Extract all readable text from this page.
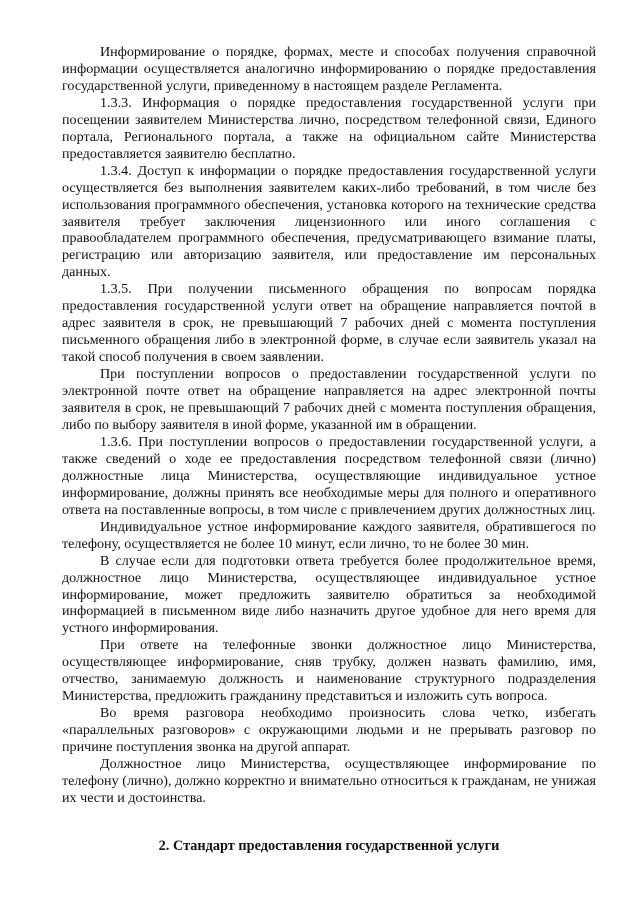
Информирование о порядке, формах, месте и способах получения справочной информации осуществляется аналогично информированию о порядке предоставления государственной услуги, приведенному в настоящем разделе Регламента.

1.3.3. Информация о порядке предоставления государственной услуги при посещении заявителем Министерства лично, посредством телефонной связи, Единого портала, Регионального портала, а также на официальном сайте Министерства предоставляется заявителю бесплатно.

1.3.4. Доступ к информации о порядке предоставления государственной услуги осуществляется без выполнения заявителем каких-либо требований, в том числе без использования программного обеспечения, установка которого на технические средства заявителя требует заключения лицензионного или иного соглашения с правообладателем программного обеспечения, предусматривающего взимание платы, регистрацию или авторизацию заявителя, или предоставление им персональных данных.

1.3.5. При получении письменного обращения по вопросам порядка предоставления государственной услуги ответ на обращение направляется почтой в адрес заявителя в срок, не превышающий 7 рабочих дней с момента поступления письменного обращения либо в электронной форме, в случае если заявитель указал на такой способ получения в своем заявлении.

При поступлении вопросов о предоставлении государственной услуги по электронной почте ответ на обращение направляется на адрес электронной почты заявителя в срок, не превышающий 7 рабочих дней с момента поступления обращения, либо по выбору заявителя в иной форме, указанной им в обращении.

1.3.6. При поступлении вопросов о предоставлении государственной услуги, а также сведений о ходе ее предоставления посредством телефонной связи (лично) должностные лица Министерства, осуществляющие индивидуальное устное информирование, должны принять все необходимые меры для полного и оперативного ответа на поставленные вопросы, в том числе с привлечением других должностных лиц.

Индивидуальное устное информирование каждого заявителя, обратившегося по телефону, осуществляется не более 10 минут, если лично, то не более 30 мин.

В случае если для подготовки ответа требуется более продолжительное время, должностное лицо Министерства, осуществляющее индивидуальное устное информирование, может предложить заявителю обратиться за необходимой информацией в письменном виде либо назначить другое удобное для него время для устного информирования.

При ответе на телефонные звонки должностное лицо Министерства, осуществляющее информирование, сняв трубку, должен назвать фамилию, имя, отчество, занимаемую должность и наименование структурного подразделения Министерства, предложить гражданину представиться и изложить суть вопроса.

Во время разговора необходимо произносить слова четко, избегать «параллельных разговоров» с окружающими людьми и не прерывать разговор по причине поступления звонка на другой аппарат.

Должностное лицо Министерства, осуществляющее информирование по телефону (лично), должно корректно и внимательно относиться к гражданам, не унижая их чести и достоинства.

2. Стандарт предоставления государственной услуги
